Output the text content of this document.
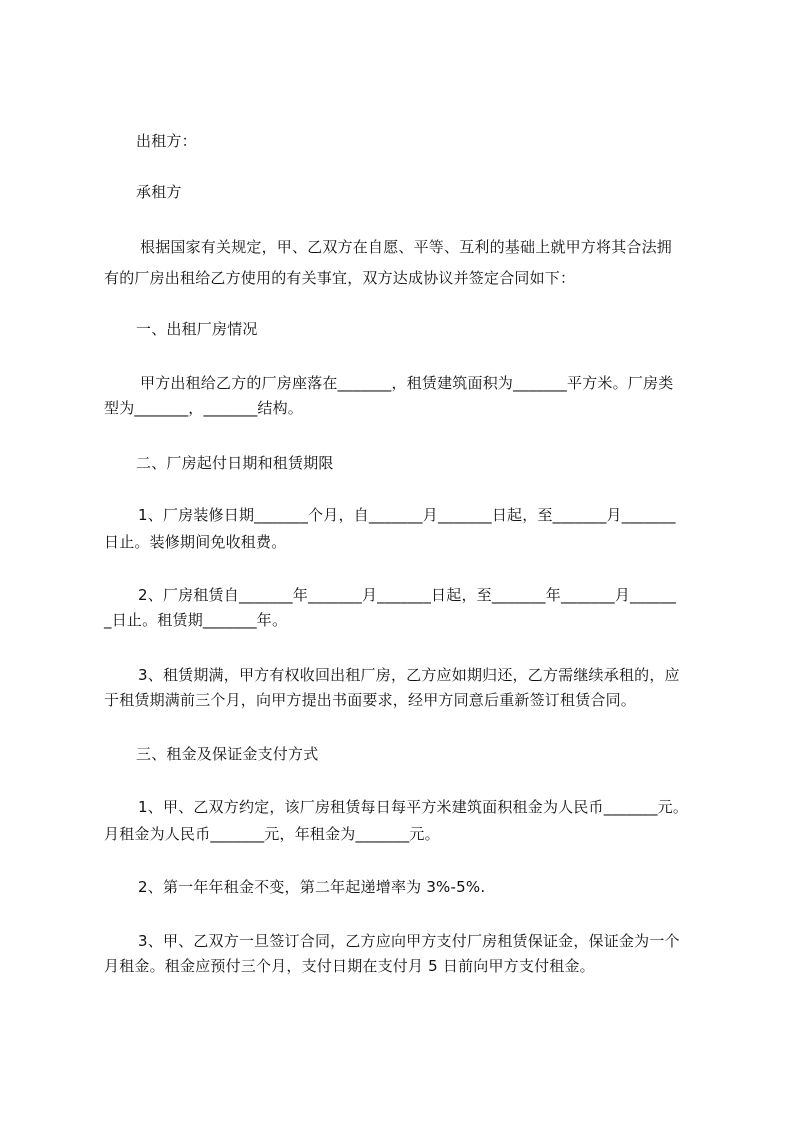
出租方：
承租方
根据国家有关规定，甲、乙双方在自愿、平等、互利的基础上就甲方将其合法拥
有的厂房出租给乙方使用的有关事宜，双方达成协议并签定合同如下：
一、出租厂房情况
甲方出租给乙方的厂房座落在_______，租赁建筑面积为_______平方米。厂房类
型为_______，_______结构。
二、厂房起付日期和租赁期限
1、厂房装修日期_______个月，自_______月_______日起，至_______月_______
日止。装修期间免收租费。
2、厂房租赁自_______年_______月_______日起，至_______年_______月______
_日止。租赁期_______年。
3、租赁期满，甲方有权收回出租厂房，乙方应如期归还，乙方需继续承租的，应
于租赁期满前三个月，向甲方提出书面要求，经甲方同意后重新签订租赁合同。
三、租金及保证金支付方式
1、甲、乙双方约定，该厂房租赁每日每平方米建筑面积租金为人民币_______元。
月租金为人民币_______元，年租金为_______元。
2、第一年年租金不变，第二年起递增率为 3%-5%.
3、甲、乙双方一旦签订合同，乙方应向甲方支付厂房租赁保证金，保证金为一个
月租金。租金应预付三个月，支付日期在支付月 5 日前向甲方支付租金。
